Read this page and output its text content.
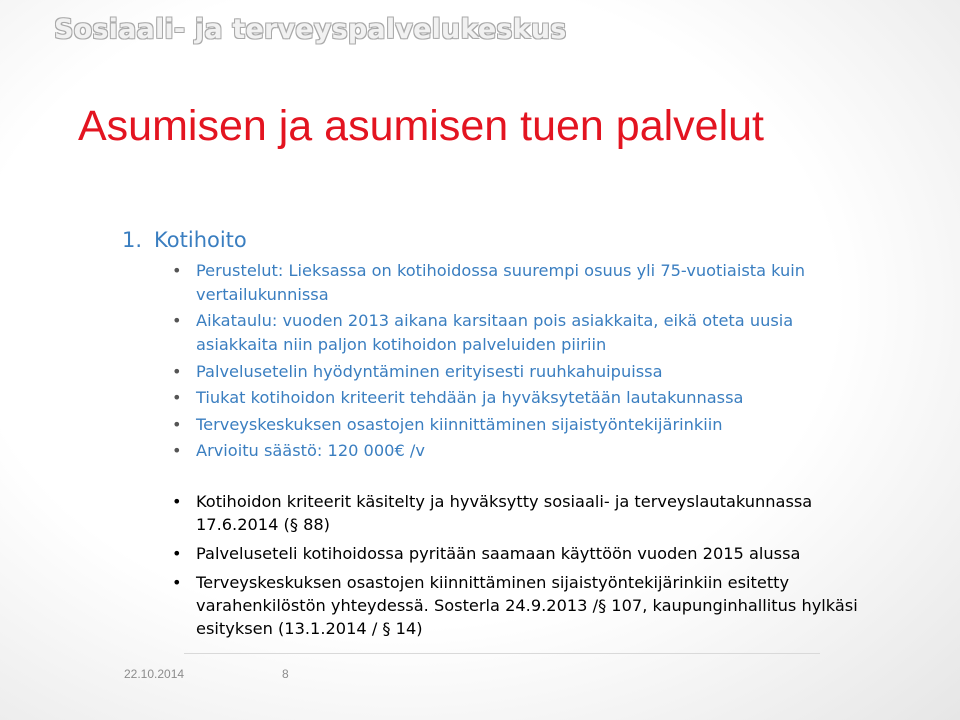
Sosiaali- ja terveyspalvelukeskus
Asumisen ja asumisen tuen palvelut
1. Kotihoito
• Perustelut: Lieksassa on kotihoidossa suurempi osuus yli 75-vuotiaista kuin vertailukunnissa
• Aikataulu: vuoden 2013 aikana karsitaan pois asiakkaita, eikä oteta uusia asiakkaita niin paljon kotihoidon palveluiden piiriin
• Palvelusetelin hyödyntäminen erityisesti ruuhkahuipuissa
• Tiukat kotihoidon kriteerit tehdään ja hyväksytetään lautakunnassa
• Terveyskeskuksen osastojen kiinnittäminen sijaistyöntekijärinkiin
• Arvioitu säästö: 120 000€ /v
• Kotihoidon kriteerit käsitelty ja hyväksytty sosiaali- ja terveyslautakunnassa 17.6.2014 (§ 88)
• Palveluseteli kotihoidossa pyritään saamaan käyttöön vuoden 2015 alussa
• Terveyskeskuksen osastojen kiinnittäminen sijaistyöntekijärinkiin esitetty varahenkilöstön yhteydessä. Sosterla 24.9.2013 /§ 107, kaupunginhallitus hylkäsi esityksen (13.1.2014 / § 14)
22.10.2014	8
